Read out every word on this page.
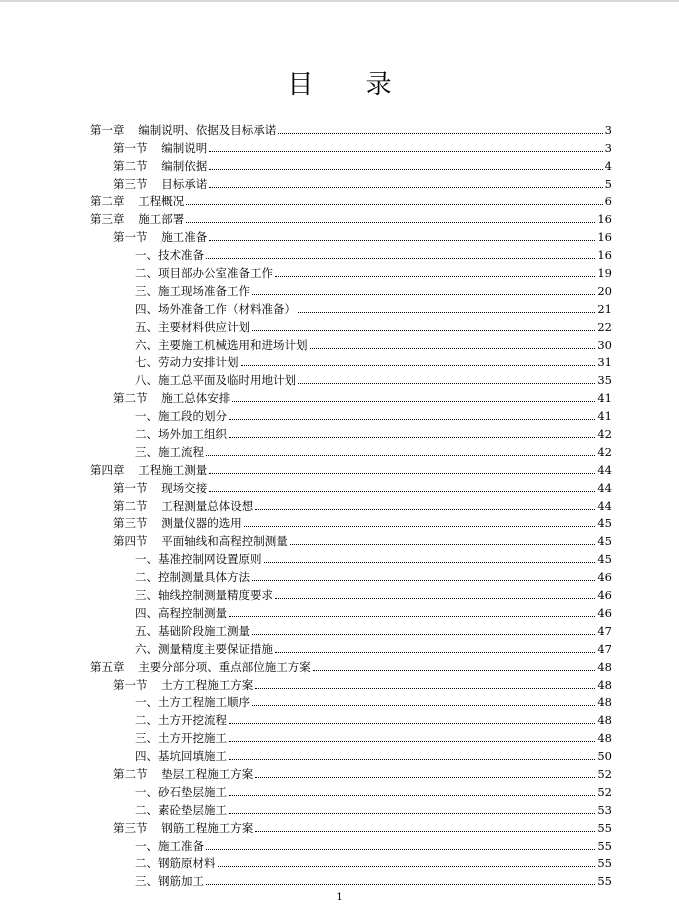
目 录
第一章 编制说明、依据及目标承诺	3
第一节 编制说明	3
第二节 编制依据	4
第三节 目标承诺	5
第二章 工程概况	6
第三章 施工部署	16
第一节 施工准备	16
一、技术准备	16
二、项目部办公室准备工作	19
三、施工现场准备工作	20
四、场外准备工作（材料准备）	21
五、主要材料供应计划	22
六、主要施工机械选用和进场计划	30
七、劳动力安排计划	31
八、施工总平面及临时用地计划	35
第二节 施工总体安排	41
一、施工段的划分	41
二、场外加工组织	42
三、施工流程	42
第四章 工程施工测量	44
第一节 现场交接	44
第二节 工程测量总体设想	44
第三节 测量仪器的选用	45
第四节 平面轴线和高程控制测量	45
一、基准控制网设置原则	45
二、控制测量具体方法	46
三、轴线控制测量精度要求	46
四、高程控制测量	46
五、基础阶段施工测量	47
六、测量精度主要保证措施	47
第五章 主要分部分项、重点部位施工方案	48
第一节 土方工程施工方案	48
一、土方工程施工顺序	48
二、土方开挖流程	48
三、土方开挖施工	48
四、基坑回填施工	50
第二节 垫层工程施工方案	52
一、砂石垫层施工	52
二、素砼垫层施工	53
第三节 钢筋工程施工方案	55
一、施工准备	55
二、钢筋原材料	55
三、钢筋加工	55
1
